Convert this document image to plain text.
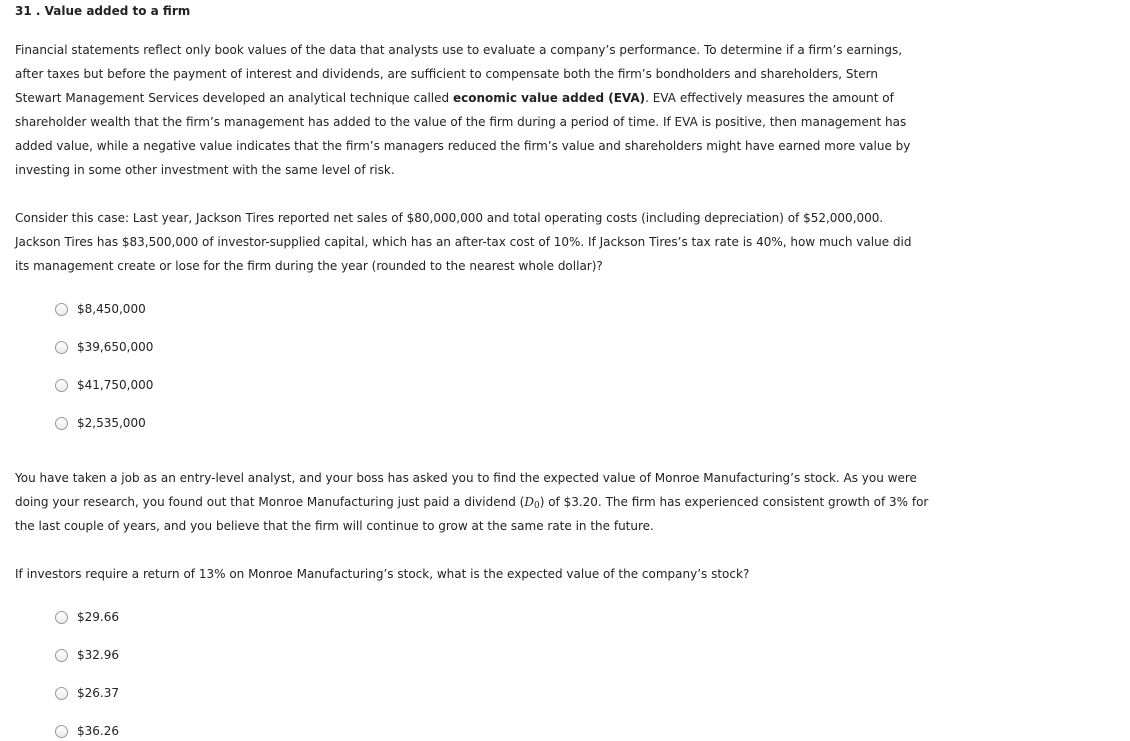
31 . Value added to a firm

Financial statements reflect only book values of the data that analysts use to evaluate a company’s performance. To determine if a firm’s earnings, after taxes but before the payment of interest and dividends, are sufficient to compensate both the firm’s bondholders and shareholders, Stern Stewart Management Services developed an analytical technique called economic value added (EVA). EVA effectively measures the amount of shareholder wealth that the firm’s management has added to the value of the firm during a period of time. If EVA is positive, then management has added value, while a negative value indicates that the firm’s managers reduced the firm’s value and shareholders might have earned more value by investing in some other investment with the same level of risk.

Consider this case: Last year, Jackson Tires reported net sales of $80,000,000 and total operating costs (including depreciation) of $52,000,000. Jackson Tires has $83,500,000 of investor-supplied capital, which has an after-tax cost of 10%. If Jackson Tires’s tax rate is 40%, how much value did its management create or lose for the firm during the year (rounded to the nearest whole dollar)?

$8,450,000
$39,650,000
$41,750,000
$2,535,000

You have taken a job as an entry-level analyst, and your boss has asked you to find the expected value of Monroe Manufacturing’s stock. As you were doing your research, you found out that Monroe Manufacturing just paid a dividend $(D_0)$ of $3.20. The firm has experienced consistent growth of 3% for the last couple of years, and you believe that the firm will continue to grow at the same rate in the future.

If investors require a return of 13% on Monroe Manufacturing’s stock, what is the expected value of the company’s stock?

$29.66
$32.96
$26.37
$36.26
